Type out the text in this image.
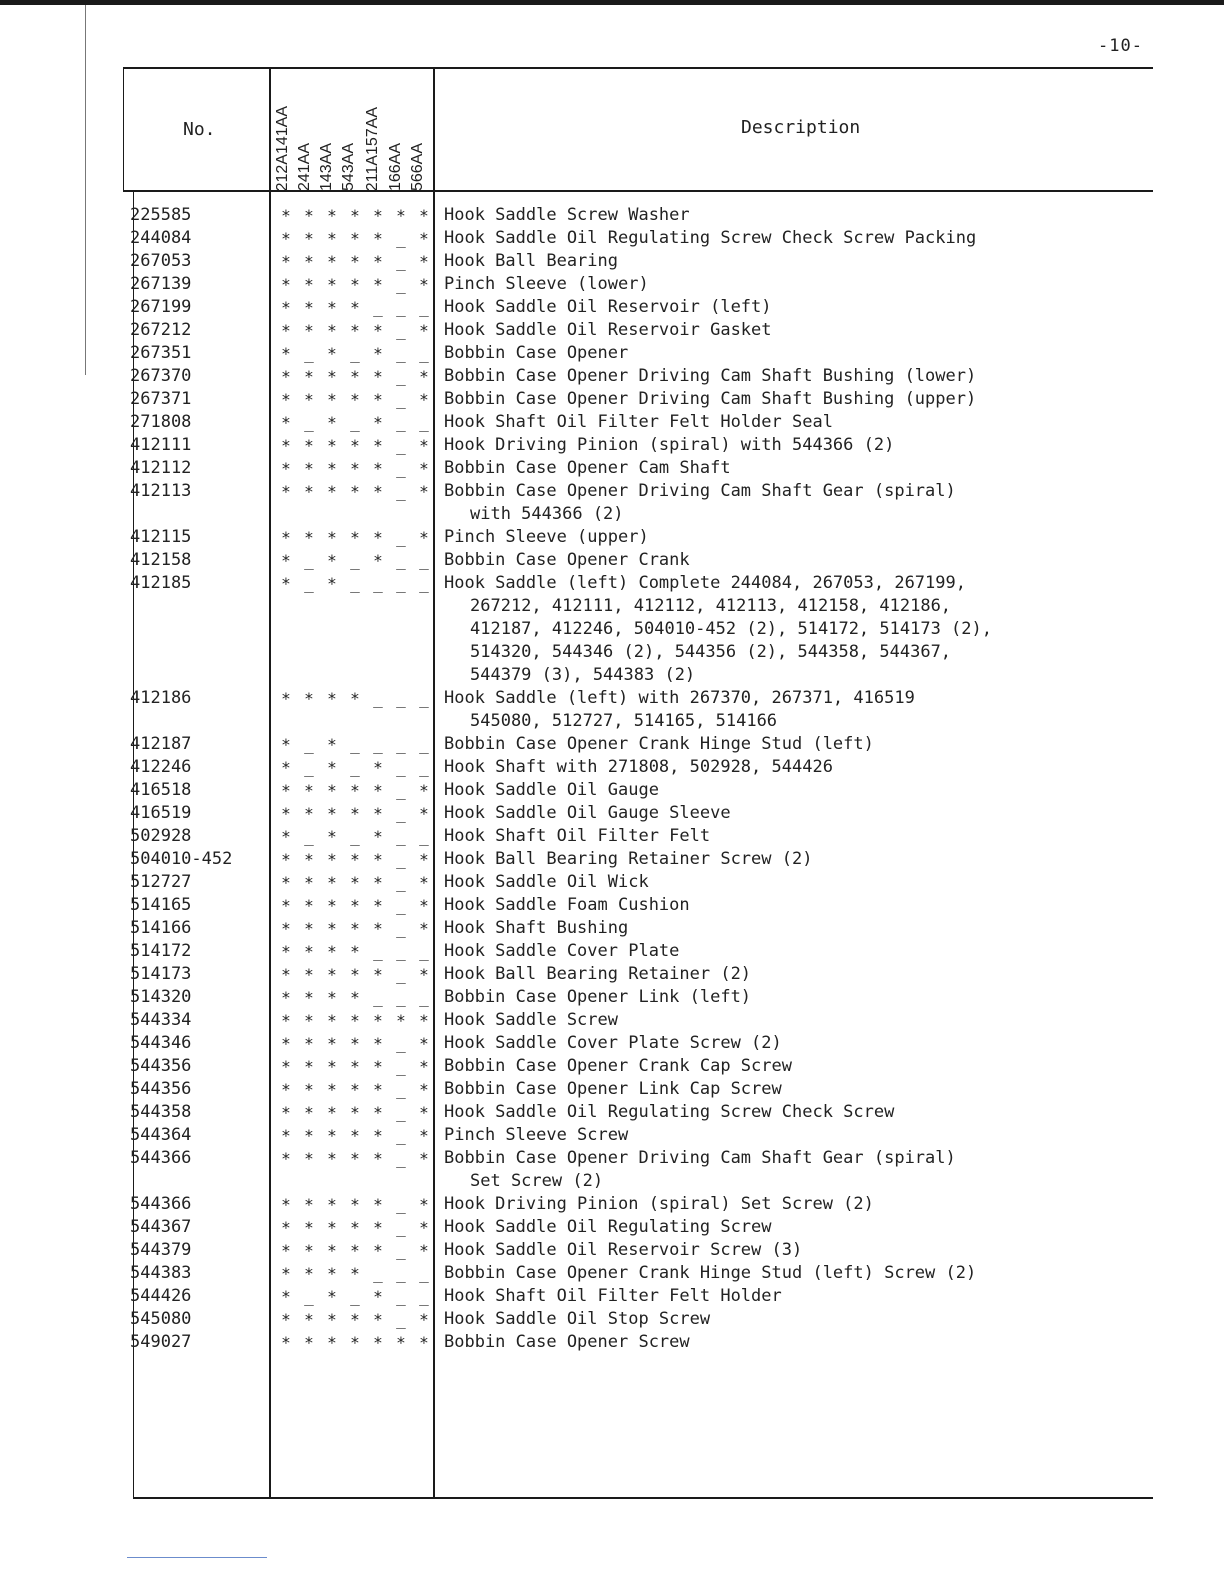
-10-
No.	212A141AA 241AA 143AA 543AA 211A157AA 166AA 566AA
Description
225585	* * * * * * * Hook Saddle Screw Washer
244084	* * * * * _ * Hook Saddle Oil Regulating Screw Check Screw Packing
267053	* * * * * _ * Hook Ball Bearing
267139	* * * * * _ * Pinch Sleeve (lower)
267199	* * * * _ _ _ Hook Saddle Oil Reservoir (left)
267212	* * * * * _ * Hook Saddle Oil Reservoir Gasket
267351	* _ * _ * _ _ Bobbin Case Opener
267370	* * * * * _ * Bobbin Case Opener Driving Cam Shaft Bushing (lower)
267371	* * * * * _ * Bobbin Case Opener Driving Cam Shaft Bushing (upper)
271808	* _ * _ * _ _ Hook Shaft Oil Filter Felt Holder Seal
412111	* * * * * _ * Hook Driving Pinion (spiral) with 544366 (2)
412112	* * * * * _ * Bobbin Case Opener Cam Shaft
412113	* * * * * _ * Bobbin Case Opener Driving Cam Shaft Gear (spiral)
with 544366 (2)
412115	* * * * * _ * Pinch Sleeve (upper)
412158	* _ * _ * _ _ Bobbin Case Opener Crank
412185	* _ * _ _ _ _ Hook Saddle (left) Complete 244084, 267053, 267199,
267212, 412111, 412112, 412113, 412158, 412186,
412187, 412246, 504010-452 (2), 514172, 514173 (2),
514320, 544346 (2), 544356 (2), 544358, 544367,
544379 (3), 544383 (2)
412186	* * * * _ _ _ Hook Saddle (left) with 267370, 267371, 416519
545080, 512727, 514165, 514166
412187	* _ * _ _ _ _ Bobbin Case Opener Crank Hinge Stud (left)
412246	* _ * _ * _ _ Hook Shaft with 271808, 502928, 544426
416518	* * * * * _ * Hook Saddle Oil Gauge
416519	* * * * * _ * Hook Saddle Oil Gauge Sleeve
502928	* _ * _ * _ _ Hook Shaft Oil Filter Felt
504010-452	* * * * * _ * Hook Ball Bearing Retainer Screw (2)
512727	* * * * * _ * Hook Saddle Oil Wick
514165	* * * * * _ * Hook Saddle Foam Cushion
514166	* * * * * _ * Hook Shaft Bushing
514172	* * * * _ _ _ Hook Saddle Cover Plate
514173	* * * * * _ * Hook Ball Bearing Retainer (2)
514320	* * * * _ _ _ Bobbin Case Opener Link (left)
544334	* * * * * * * Hook Saddle Screw
544346	* * * * * _ * Hook Saddle Cover Plate Screw (2)
544356	* * * * * _ * Bobbin Case Opener Crank Cap Screw
544356	* * * * * _ * Bobbin Case Opener Link Cap Screw
544358	* * * * * _ * Hook Saddle Oil Regulating Screw Check Screw
544364	* * * * * _ * Pinch Sleeve Screw
544366	* * * * * _ * Bobbin Case Opener Driving Cam Shaft Gear (spiral)
Set Screw (2)
544366	* * * * * _ * Hook Driving Pinion (spiral) Set Screw (2)
544367	* * * * * _ * Hook Saddle Oil Regulating Screw
544379	* * * * * _ * Hook Saddle Oil Reservoir Screw (3)
544383	* * * * _ _ _ Bobbin Case Opener Crank Hinge Stud (left) Screw (2)
544426	* _ * _ * _ _ Hook Shaft Oil Filter Felt Holder
545080	* * * * * _ * Hook Saddle Oil Stop Screw
549027	* * * * * * * Bobbin Case Opener Screw
